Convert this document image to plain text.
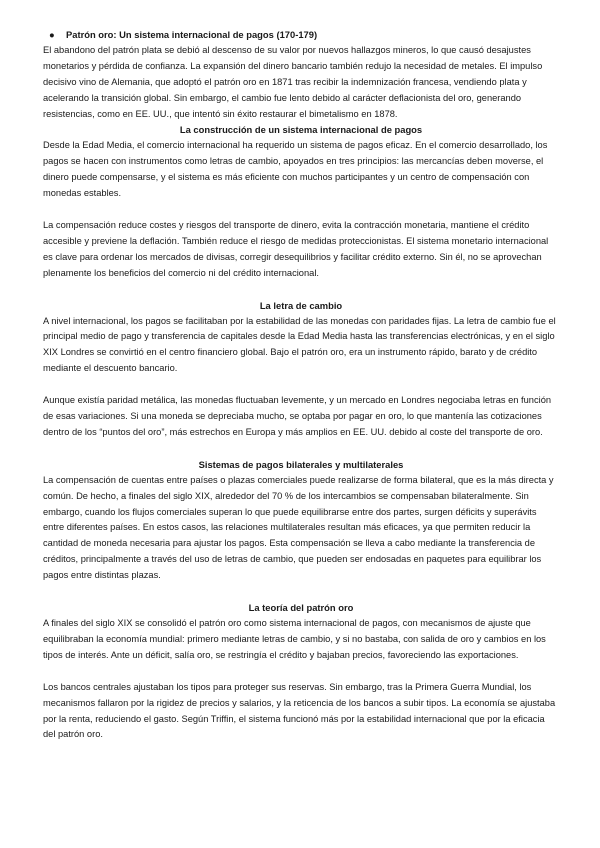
● Patrón oro: Un sistema internacional de pagos (170-179)

El abandono del patrón plata se debió al descenso de su valor por nuevos hallazgos mineros, lo que causó desajustes monetarios y pérdida de confianza. La expansión del dinero bancario también redujo la necesidad de metales. El impulso decisivo vino de Alemania, que adoptó el patrón oro en 1871 tras recibir la indemnización francesa, vendiendo plata y acelerando la transición global. Sin embargo, el cambio fue lento debido al carácter deflacionista del oro, generando resistencias, como en EE. UU., que intentó sin éxito restaurar el bimetalismo en 1878.

La construcción de un sistema internacional de pagos

Desde la Edad Media, el comercio internacional ha requerido un sistema de pagos eficaz. En el comercio desarrollado, los pagos se hacen con instrumentos como letras de cambio, apoyados en tres principios: las mercancías deben moverse, el dinero puede compensarse, y el sistema es más eficiente con muchos participantes y un centro de compensación con monedas estables.

La compensación reduce costes y riesgos del transporte de dinero, evita la contracción monetaria, mantiene el crédito accesible y previene la deflación. También reduce el riesgo de medidas proteccionistas. El sistema monetario internacional es clave para ordenar los mercados de divisas, corregir desequilibrios y facilitar crédito externo. Sin él, no se aprovechan plenamente los beneficios del comercio ni del crédito internacional.

La letra de cambio

A nivel internacional, los pagos se facilitaban por la estabilidad de las monedas con paridades fijas. La letra de cambio fue el principal medio de pago y transferencia de capitales desde la Edad Media hasta las transferencias electrónicas, y en el siglo XIX Londres se convirtió en el centro financiero global. Bajo el patrón oro, era un instrumento rápido, barato y de crédito mediante el descuento bancario.

Aunque existía paridad metálica, las monedas fluctuaban levemente, y un mercado en Londres negociaba letras en función de esas variaciones. Si una moneda se depreciaba mucho, se optaba por pagar en oro, lo que mantenía las cotizaciones dentro de los “puntos del oro”, más estrechos en Europa y más amplios en EE. UU. debido al coste del transporte de oro.

Sistemas de pagos bilaterales y multilaterales

La compensación de cuentas entre países o plazas comerciales puede realizarse de forma bilateral, que es la más directa y común. De hecho, a finales del siglo XIX, alrededor del 70 % de los intercambios se compensaban bilateralmente. Sin embargo, cuando los flujos comerciales superan lo que puede equilibrarse entre dos partes, surgen déficits y superávits entre diferentes países. En estos casos, las relaciones multilaterales resultan más eficaces, ya que permiten reducir la cantidad de moneda necesaria para ajustar los pagos. Esta compensación se lleva a cabo mediante la transferencia de créditos, principalmente a través del uso de letras de cambio, que pueden ser endosadas en paquetes para equilibrar los pagos entre distintas plazas.

La teoría del patrón oro

A finales del siglo XIX se consolidó el patrón oro como sistema internacional de pagos, con mecanismos de ajuste que equilibraban la economía mundial: primero mediante letras de cambio, y si no bastaba, con salida de oro y cambios en los tipos de interés. Ante un déficit, salía oro, se restringía el crédito y bajaban precios, favoreciendo las exportaciones.

Los bancos centrales ajustaban los tipos para proteger sus reservas. Sin embargo, tras la Primera Guerra Mundial, los mecanismos fallaron por la rigidez de precios y salarios, y la reticencia de los bancos a subir tipos. La economía se ajustaba por la renta, reduciendo el gasto. Según Triffin, el sistema funcionó más por la estabilidad internacional que por la eficacia del patrón oro.
